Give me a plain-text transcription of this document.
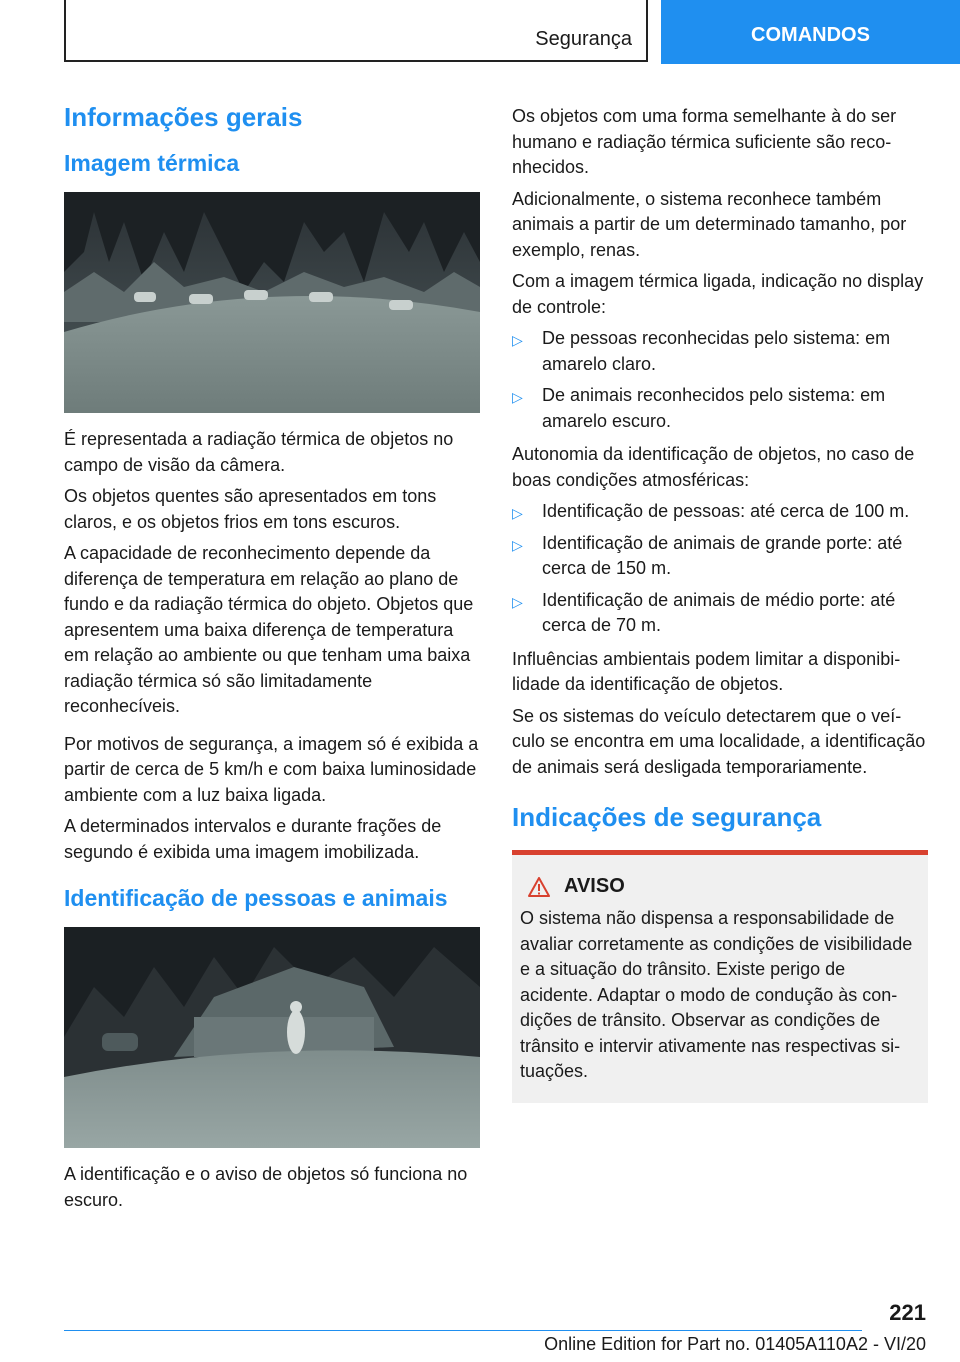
Segurança	COMANDOS
Informações gerais
Imagem térmica

É representada a radiação térmica de objetos no campo de visão da câmera.

Os objetos quentes são apresentados em tons claros, e os objetos frios em tons escuros.

A capacidade de reconhecimento depende da diferença de temperatura em relação ao plano de fundo e da radiação térmica do objeto. Objetos que apresentem uma baixa diferença de temperatura em relação ao ambiente ou que tenham uma baixa radiação térmica só são limitadamente reconhecíveis.

Por motivos de segurança, a imagem só é exibida a partir de cerca de 5 km/h e com baixa luminosidade ambiente com a luz baixa ligada.

A determinados intervalos e durante frações de segundo é exibida uma imagem imobilizada.

Identificação de pessoas e animais

A identificação e o aviso de objetos só funciona no escuro.

Os objetos com uma forma semelhante à do ser humano e radiação térmica suficiente são reconhecidos.

Adicionalmente, o sistema reconhece também animais a partir de um determinado tamanho, por exemplo, renas.

Com a imagem térmica ligada, indicação no display de controle:

▷ De pessoas reconhecidas pelo sistema: em amarelo claro.
▷ De animais reconhecidos pelo sistema: em amarelo escuro.

Autonomia da identificação de objetos, no caso de boas condições atmosféricas:

▷ Identificação de pessoas: até cerca de 100 m.
▷ Identificação de animais de grande porte: até cerca de 150 m.
▷ Identificação de animais de médio porte: até cerca de 70 m.

Influências ambientais podem limitar a disponibilidade da identificação de objetos.

Se os sistemas do veículo detectarem que o veículo se encontra em uma localidade, a identificação de animais será desligada temporariamente.

Indicações de segurança
AVISO

O sistema não dispensa a responsabilidade de avaliar corretamente as condições de visibilidade e a situação do trânsito. Existe perigo de acidente. Adaptar o modo de condução às condições de trânsito. Observar as condições de trânsito e intervir ativamente nas respectivas situações.

221
Online Edition for Part no. 01405A110A2 - VI/20
